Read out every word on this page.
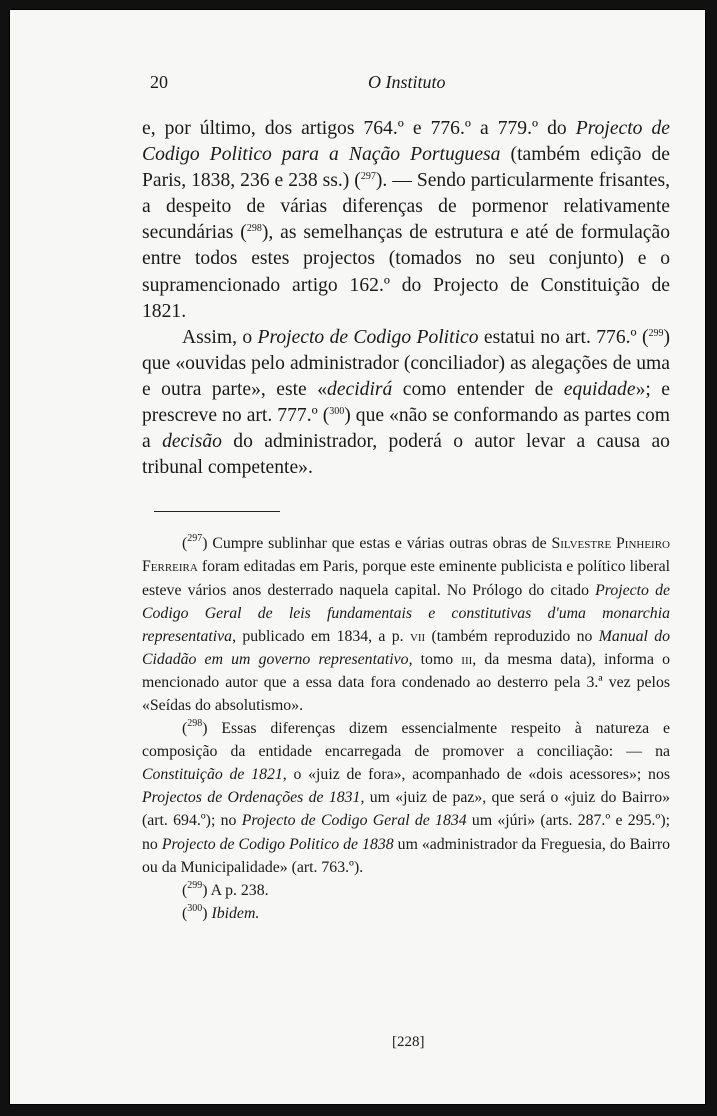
20	O Instituto

e, por último, dos artigos 764.º e 776.º a 779.º do Projecto de Codigo Politico para a Nação Portuguesa (também edição de Paris, 1838, 236 e 238 ss.) ($^{297}$). — Sendo particularmente frisantes, a despeito de várias diferenças de pormenor relativamente secundárias ($^{298}$), as semelhanças de estrutura e até de formulação entre todos estes projectos (tomados no seu conjunto) e o supramencionado artigo 162.º do Projecto de Constituição de 1821.

Assim, o Projecto de Codigo Politico estatui no art. 776.º ($^{299}$) que «ouvidas pelo administrador (conciliador) as alegações de uma e outra parte», este «decidirá como entender de equidade»; e prescreve no art. 777.º ($^{300}$) que «não se conformando as partes com a decisão do administrador, poderá o autor levar a causa ao tribunal competente».

($^{297}$) Cumpre sublinhar que estas e várias outras obras de Silvestre Pinheiro Ferreira foram editadas em Paris, porque este eminente publicista e político liberal esteve vários anos desterrado naquela capital. No Prólogo do citado Projecto de Codigo Geral de leis fundamentais e constitutivas d'uma monarchia representativa, publicado em 1834, a p. vii (também reproduzido no Manual do Cidadão em um governo representativo, tomo iii, da mesma data), informa o mencionado autor que a essa data fora condenado ao desterro pela 3.ª vez pelos «Seídas do absolutismo».

($^{298}$) Essas diferenças dizem essencialmente respeito à natureza e composição da entidade encarregada de promover a conciliação: — na Constituição de 1821, o «juiz de fora», acompanhado de «dois acessores»; nos Projectos de Ordenações de 1831, um «juiz de paz», que será o «juiz do Bairro» (art. 694.º); no Projecto de Codigo Geral de 1834 um «júri» (arts. 287.º e 295.º); no Projecto de Codigo Politico de 1838 um «administrador da Freguesia, do Bairro ou da Municipalidade» (art. 763.º).

($^{299}$) A p. 238.

($^{300}$) Ibidem.

[228]
